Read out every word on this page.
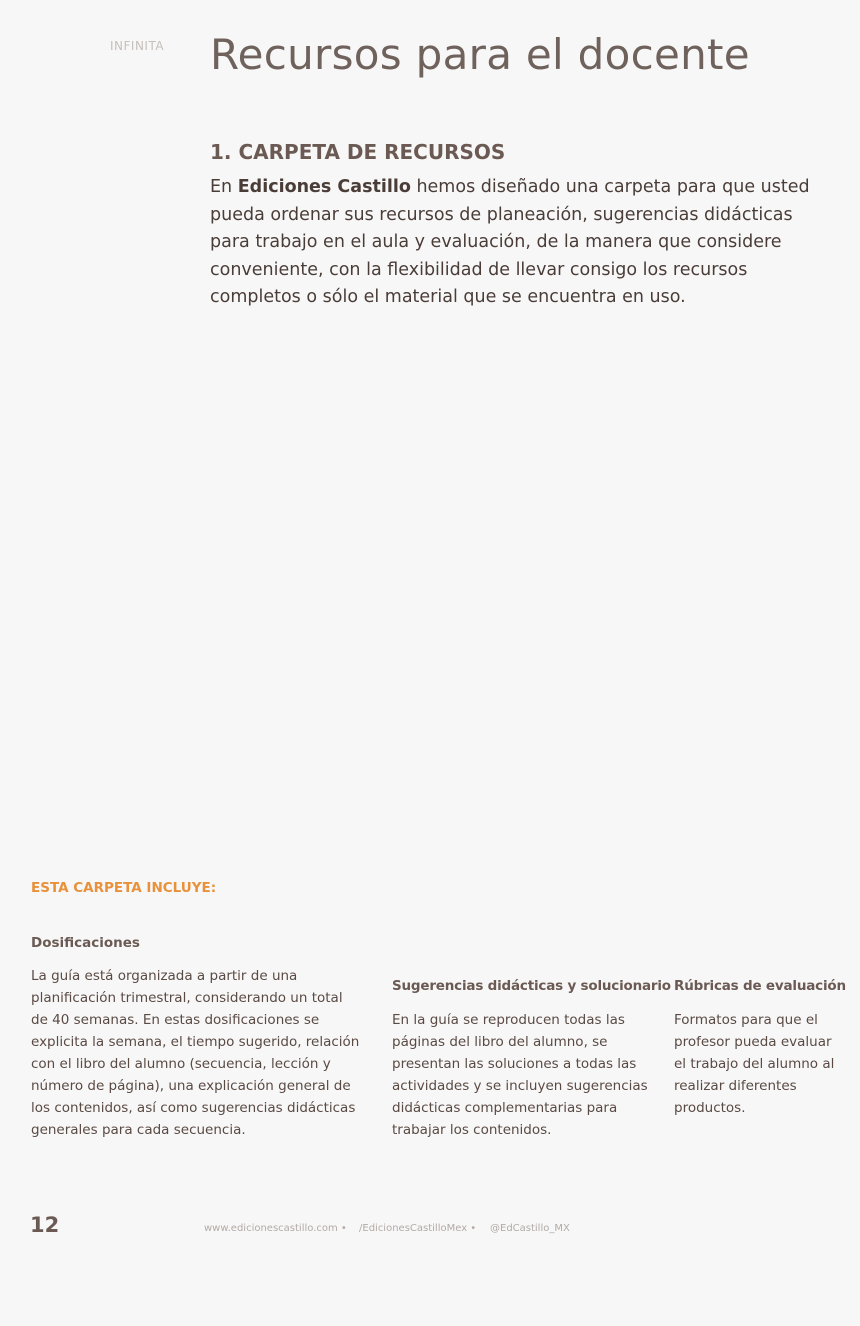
INFINITA Recursos para el docente
1. CARPETA DE RECURSOS

En Ediciones Castillo hemos diseñado una carpeta para que usted pueda ordenar sus recursos de planeación, sugerencias didácticas para trabajo en el aula y evaluación, de la manera que considere conveniente, con la flexibilidad de llevar consigo los recursos completos o sólo el material que se encuentra en uso.

ESTA CARPETA INCLUYE:
Dosificaciones

La guía está organizada a partir de una planificación trimestral, considerando un total de 40 semanas. En estas dosificaciones se explicita la semana, el tiempo sugerido, relación con el libro del alumno (secuencia, lección y número de página), una explicación general de los contenidos, así como sugerencias didácticas generales para cada secuencia.

Sugerencias didácticas y solucionario

En la guía se reproducen todas las páginas del libro del alumno, se presentan las soluciones a todas las actividades y se incluyen sugerencias didácticas complementarias para trabajar los contenidos.

Rúbricas de evaluación

Formatos para que el profesor pueda evaluar el trabajo del alumno al realizar diferentes productos.

12	www.edicionescastillo.com • /EdicionesCastilloMex • @EdCastillo_MX
